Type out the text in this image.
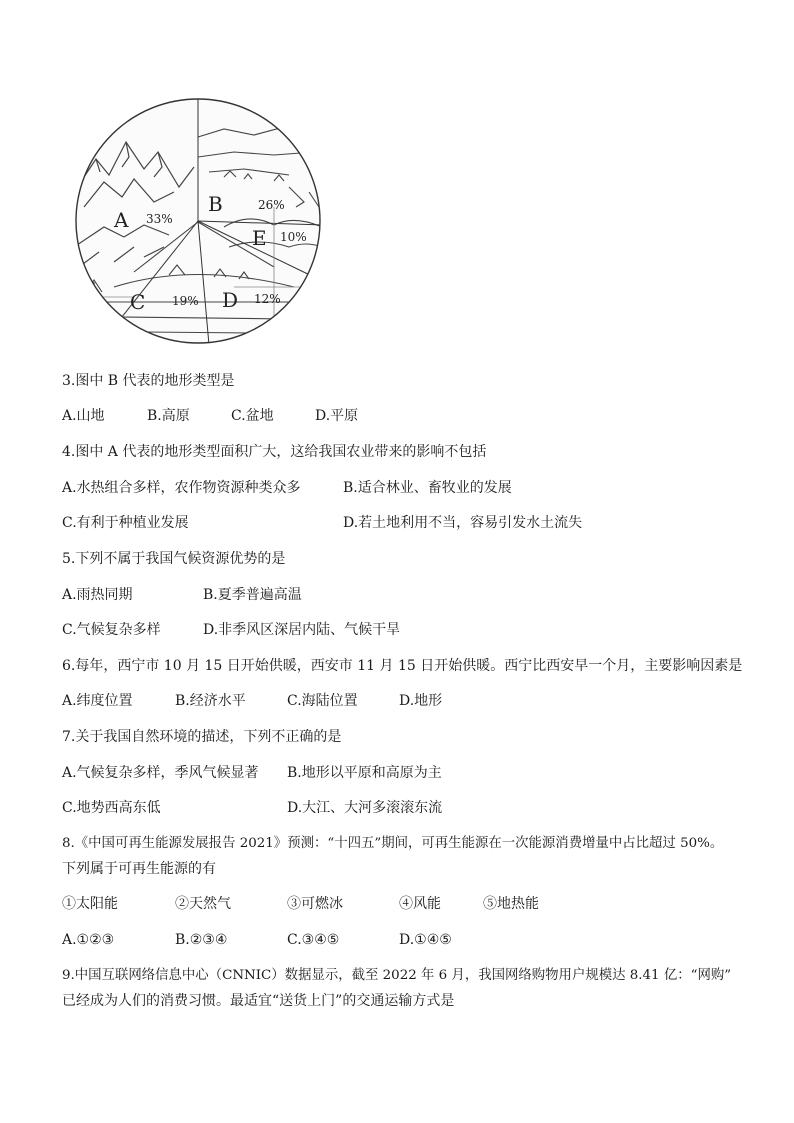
A 33%
B	26%
E 10%
C 19% D 12%
3.图中 B 代表的地形类型是
A.山地	B.高原	C.盆地	D.平原
4.图中 A 代表的地形类型面积广大，这给我国农业带来的影响不包括
A.水热组合多样，农作物资源种类众多	B.适合林业、畜牧业的发展
C.有利于种植业发展	D.若土地利用不当，容易引发水土流失
5.下列不属于我国气候资源优势的是
A.雨热同期	B.夏季普遍高温
C.气候复杂多样	D.非季风区深居内陆、气候干旱
6.每年，西宁市 10 月 15 日开始供暖，西安市 11 月 15 日开始供暖。西宁比西安早一个月，主要影响因素是
A.纬度位置	B.经济水平	C.海陆位置	D.地形
7.关于我国自然环境的描述，下列不正确的是
A.气候复杂多样，季风气候显著 B.地形以平原和高原为主
C.地势西高东低	D.大江、大河多滚滚东流
8.《中国可再生能源发展报告 2021》预测：“十四五”期间，可再生能源在一次能源消费增量中占比超过 50%。
下列属于可再生能源的有
①太阳能	②天然气	③可燃冰	④风能	⑤地热能
A.①②③	B.②③④	C.③④⑤	D.①④⑤
9.中国互联网络信息中心（CNNIC）数据显示，截至 2022 年 6 月，我国网络购物用户规模达 8.41 亿：“网购”
已经成为人们的消费习惯。最适宜“送货上门”的交通运输方式是
